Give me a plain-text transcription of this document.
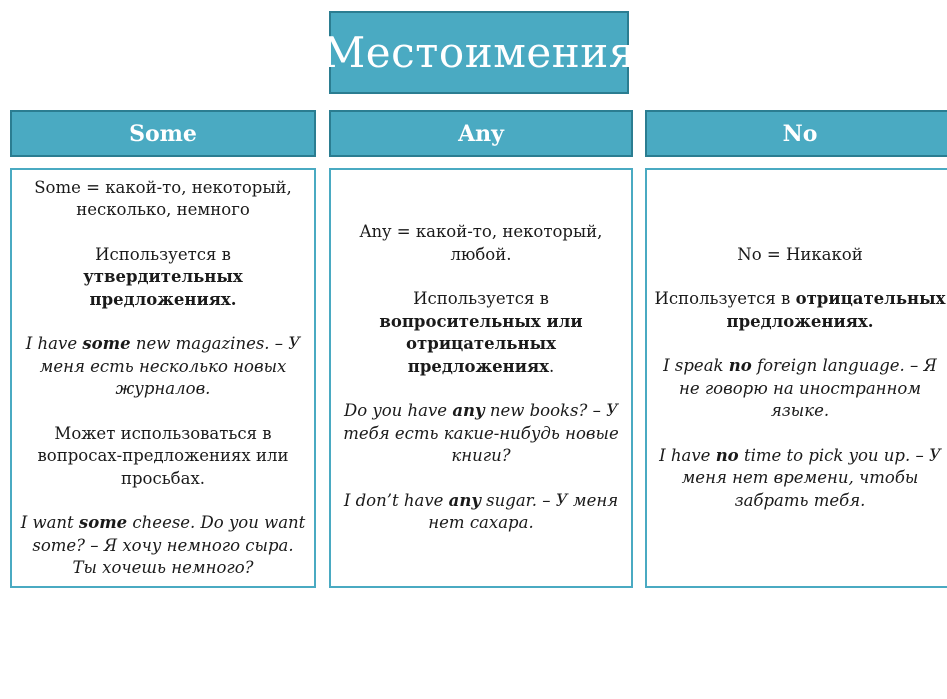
Местоимения
Some	Any	No

Some = какой-то, некоторый, несколько, немного

Используется в утвердительных предложениях.

I have some new magazines. – У меня есть несколько новых журналов.

Может использоваться в вопросах-предложениях или просьбах.

I want some cheese. Do you want some? – Я хочу немного сыра. Ты хочешь немного?

Any = какой-то, некоторый, любой.

Используется в вопросительных или отрицательных предложениях.

Do you have any new books? – У тебя есть какие-нибудь новые книги?

I don’t have any sugar. – У меня нет сахара.

No = Никакой

Используется в отрицательных предложениях.

I speak no foreign language. – Я не говорю на иностранном языке.

I have no time to pick you up. – У меня нет времени, чтобы забрать тебя.
